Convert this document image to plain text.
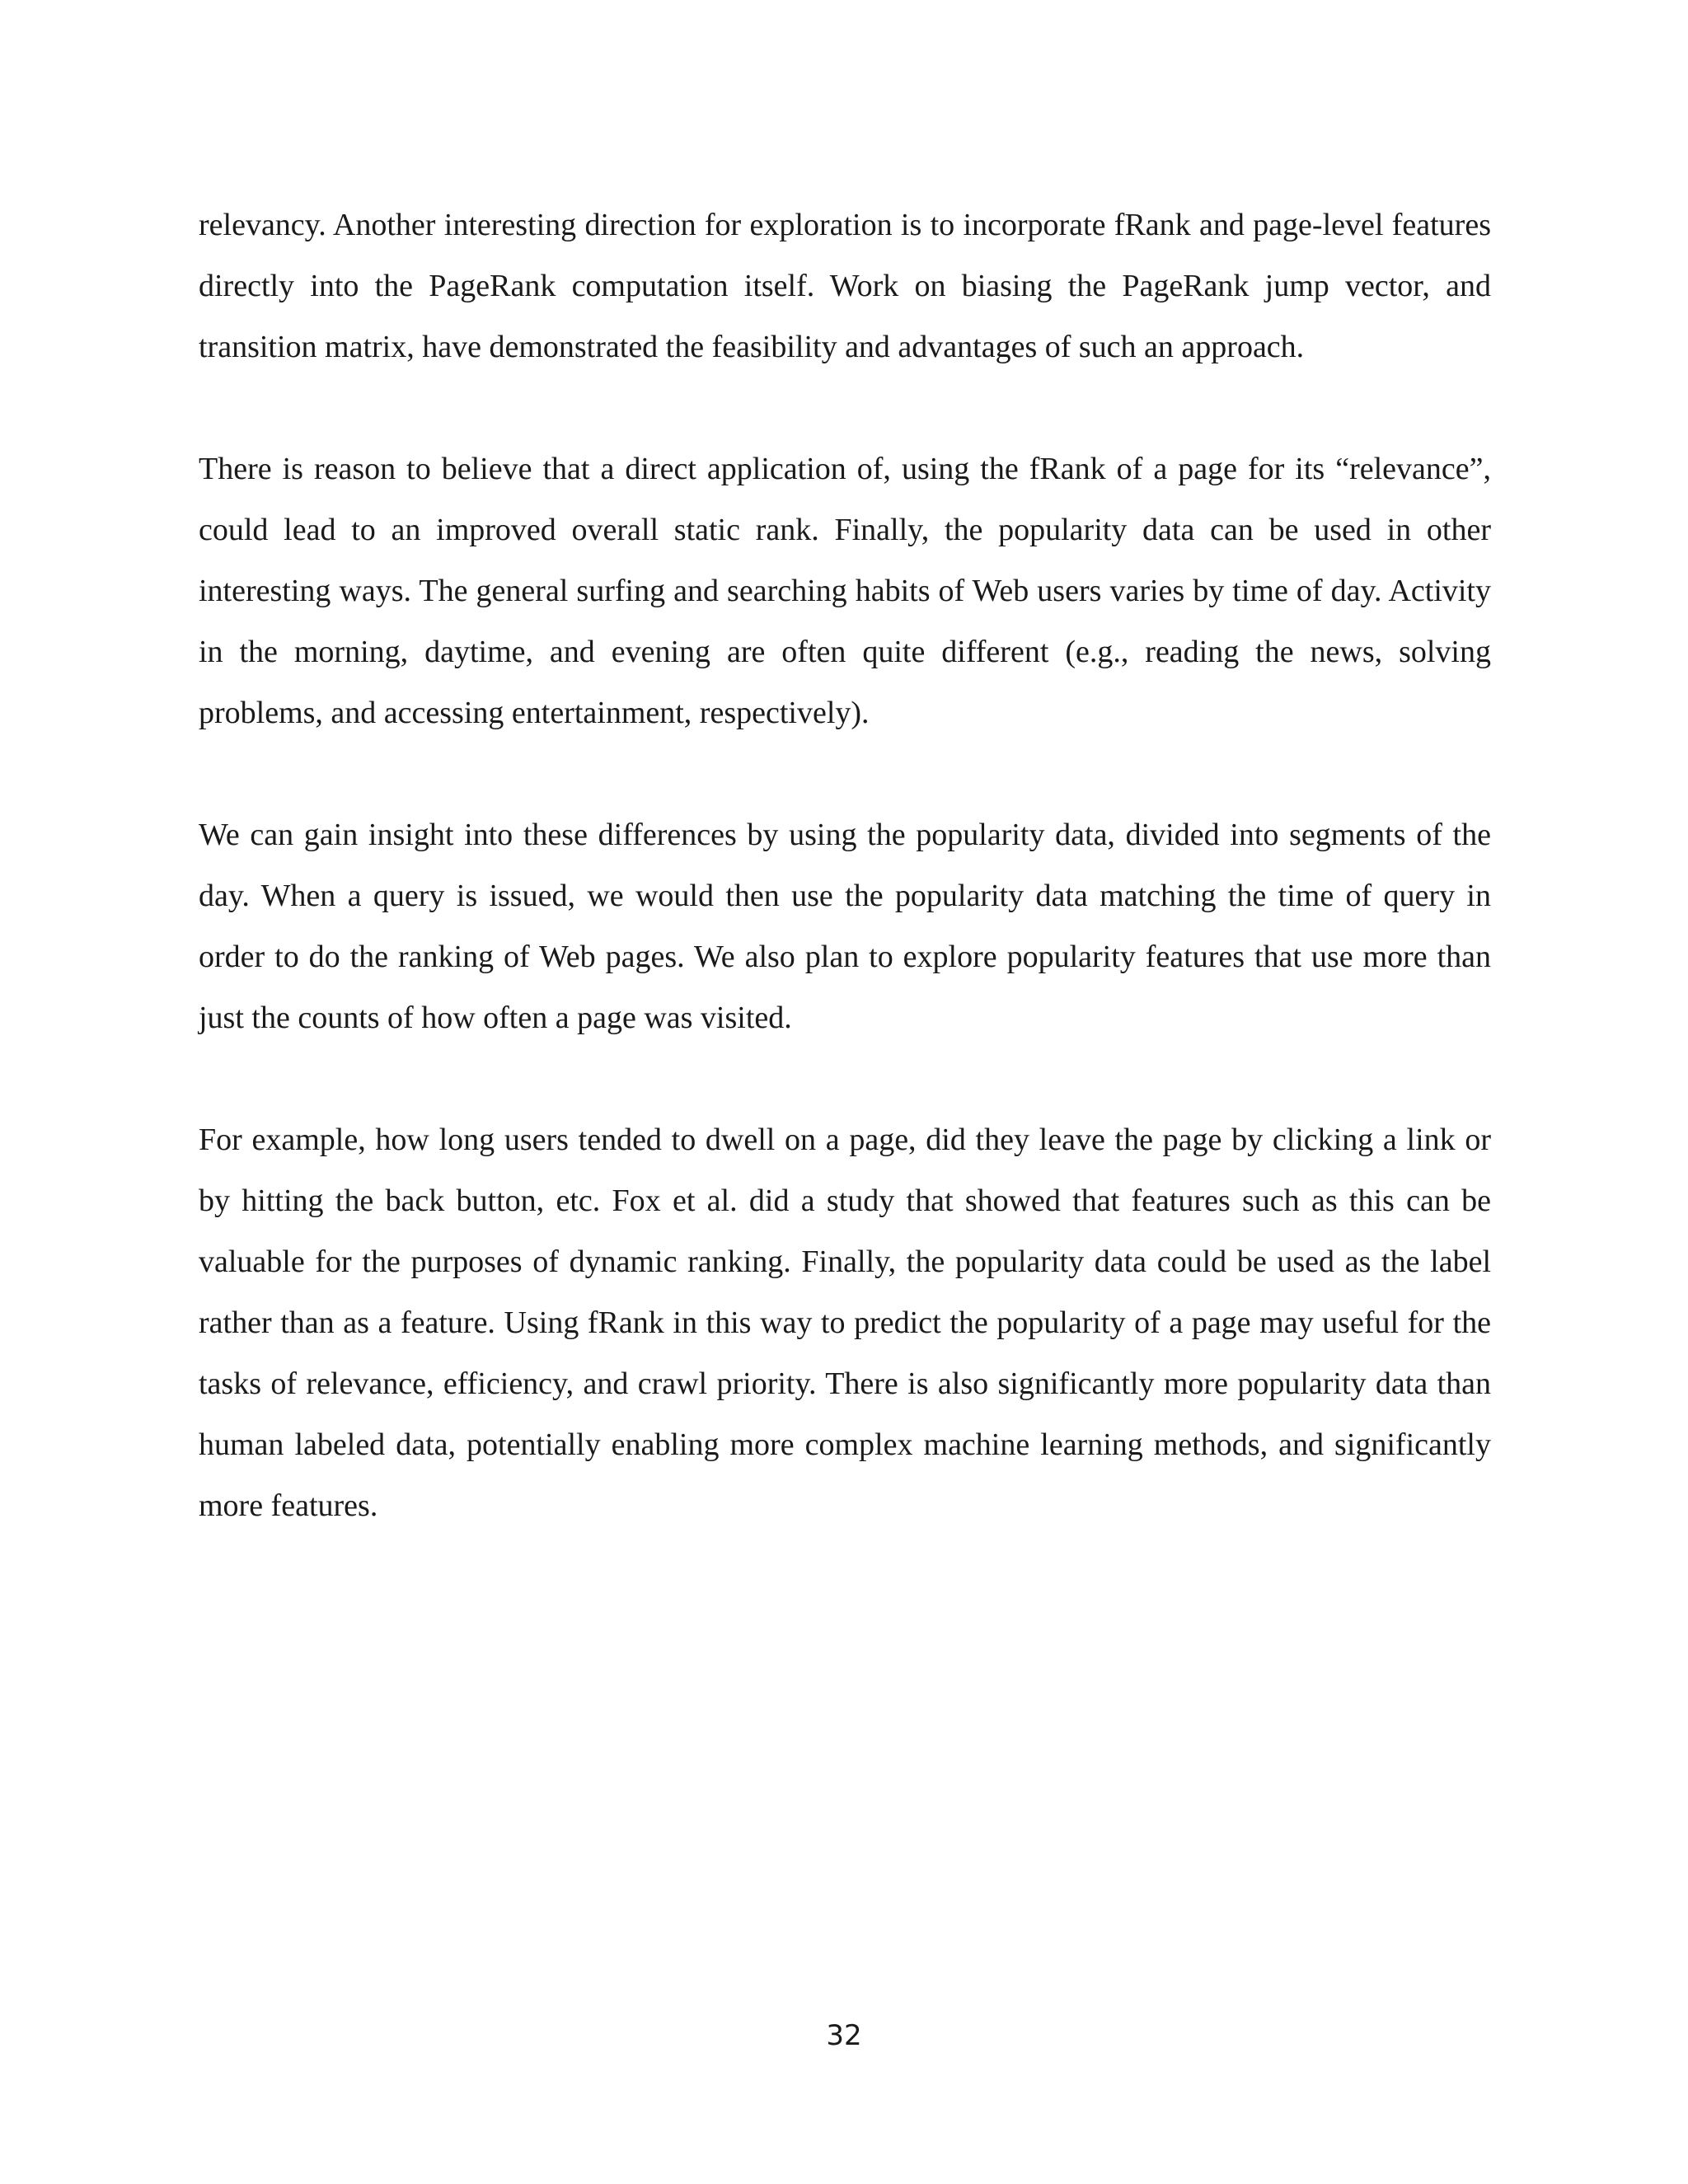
relevancy. Another interesting direction for exploration is to incorporate fRank and page-level features directly into the PageRank computation itself. Work on biasing the PageRank jump vector, and transition matrix, have demonstrated the feasibility and advantages of such an approach.

There is reason to believe that a direct application of, using the fRank of a page for its “relevance”, could lead to an improved overall static rank. Finally, the popularity data can be used in other interesting ways. The general surfing and searching habits of Web users varies by time of day. Activity in the morning, daytime, and evening are often quite different (e.g., reading the news, solving problems, and accessing entertainment, respectively).

We can gain insight into these differences by using the popularity data, divided into segments of the day. When a query is issued, we would then use the popularity data matching the time of query in order to do the ranking of Web pages. We also plan to explore popularity features that use more than just the counts of how often a page was visited.

For example, how long users tended to dwell on a page, did they leave the page by clicking a link or by hitting the back button, etc. Fox et al. did a study that showed that features such as this can be valuable for the purposes of dynamic ranking. Finally, the popularity data could be used as the label rather than as a feature. Using fRank in this way to predict the popularity of a page may useful for the tasks of relevance, efficiency, and crawl priority. There is also significantly more popularity data than human labeled data, potentially enabling more complex machine learning methods, and significantly more features.

32
